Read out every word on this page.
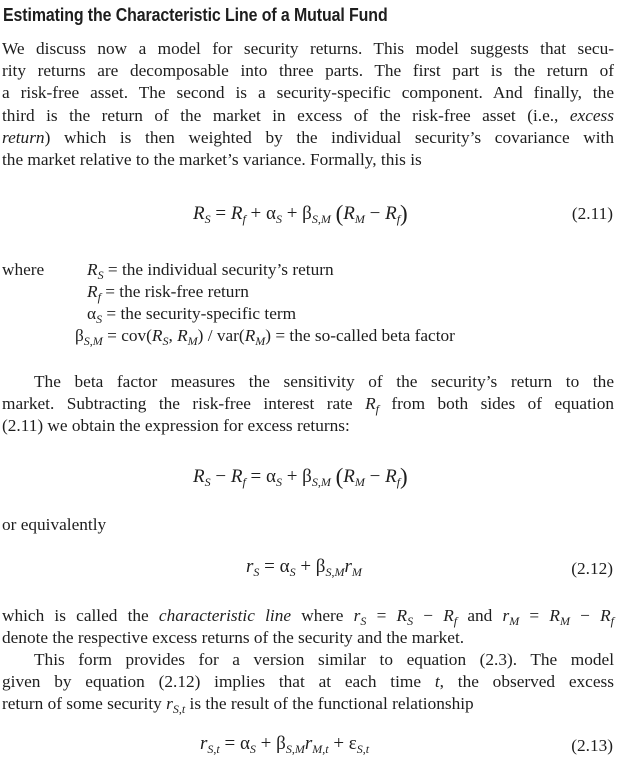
Estimating the Characteristic Line of a Mutual Fund
We discuss now a model for security returns. This model suggests that secu-
rity returns are decomposable into three parts. The first part is the return of
a risk-free asset. The second is a security-specific component. And finally, the
third is the return of the market in excess of the risk-free asset (i.e., excess
return) which is then weighted by the individual security’s covariance with
the market relative to the market’s variance. Formally, this is
$R_S = R_f + \alpha_S + \beta_{S,M}$ $(R_M - R_f)$	(2.11)
where $R_S$ = the individual security’s return
$R_f$ = the risk-free return
$\alpha_S$ = the security-specific term
$\beta_{S,M} = cov(R_S$, $R_M) / var(R_M)$ = the so-called beta factor
The beta factor measures the sensitivity of the security’s return to the
market. Subtracting the risk-free interest rate $R_f$ from both sides of equation
(2.11) we obtain the expression for excess returns:
$R_S - R_f = \alpha_S + \beta_{S,M}$ $(R_M - R_f)$
or equivalently
$r_S = \alpha_S + \beta_{S,M}r_M$	(2.12)
which is called the characteristic line where $r_S = R_S - R_f$ and $r_M = R_M - R_f$
denote the respective excess returns of the security and the market.
This form provides for a version similar to equation (2.3). The model
given by equation (2.12) implies that at each time t, the observed excess
return of some security $r_{S,t}$ is the result of the functional relationship
$r_{S,t} = \alpha_S + \beta_{S,M}r_{M,t} + \varepsilon_{S,t}$	(2.13)
